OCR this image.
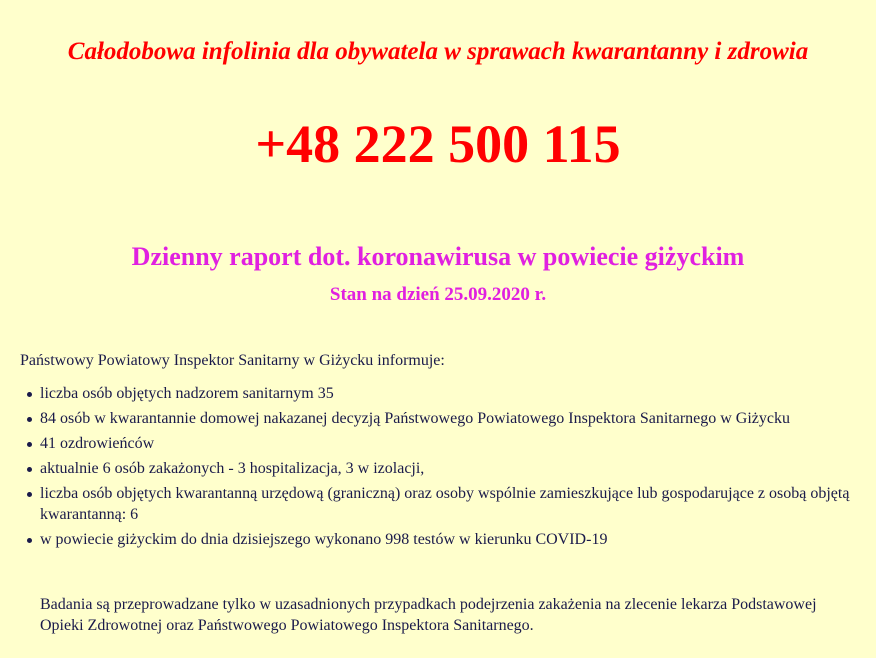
Całodobowa infolinia dla obywatela w sprawach kwarantanny i zdrowia
+48 222 500 115
Dzienny raport dot. koronawirusa w powiecie giżyckim

Stan na dzień 25.09.2020 r.

Państwowy Powiatowy Inspektor Sanitarny w Giżycku informuje:

liczba osób objętych nadzorem sanitarnym 35
84 osób w kwarantannie domowej nakazanej decyzją Państwowego Powiatowego Inspektora Sanitarnego w Giżycku
41 ozdrowieńców
aktualnie 6 osób zakażonych - 3 hospitalizacja, 3 w izolacji,
liczba osób objętych kwarantanną urzędową (graniczną) oraz osoby wspólnie zamieszkujące lub gospodarujące z osobą objętą kwarantanną: 6
w powiecie giżyckim do dnia dzisiejszego wykonano 998 testów w kierunku COVID-19

Badania są przeprowadzane tylko w uzasadnionych przypadkach podejrzenia zakażenia na zlecenie lekarza Podstawowej Opieki Zdrowotnej oraz Państwowego Powiatowego Inspektora Sanitarnego.
